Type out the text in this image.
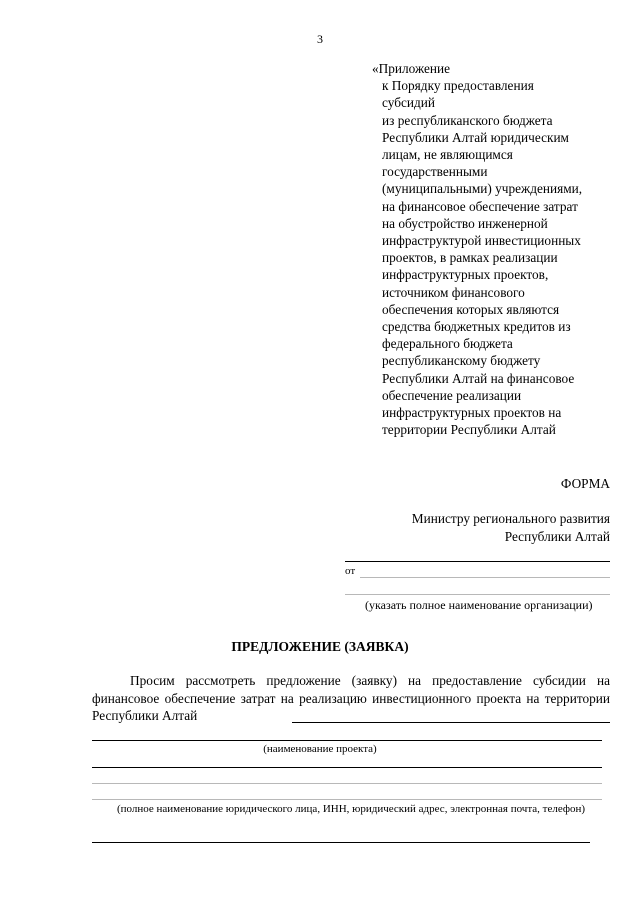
3
«Приложение
к Порядку предоставления
субсидий
из республиканского бюджета
Республики Алтай юридическим
лицам, не являющимся
государственными
(муниципальными) учреждениями,
на финансовое обеспечение затрат
на обустройство инженерной
инфраструктурой инвестиционных
проектов, в рамках реализации
инфраструктурных проектов,
источником финансового
обеспечения которых являются
средства бюджетных кредитов из
федерального бюджета
республиканскому бюджету
Республики Алтай на финансовое
обеспечение реализации
инфраструктурных проектов на
территории Республики Алтай
ФОРМА
Министру регионального развития
Республики Алтай
от
(указать полное наименование организации)
ПРЕДЛОЖЕНИЕ (ЗАЯВКА)
Просим рассмотреть предложение (заявку) на предоставление субсидии на финансовое обеспечение затрат на реализацию инвестиционного проекта на территории Республики Алтай
(наименование проекта)
(полное наименование юридического лица, ИНН, юридический адрес, электронная почта, телефон)
